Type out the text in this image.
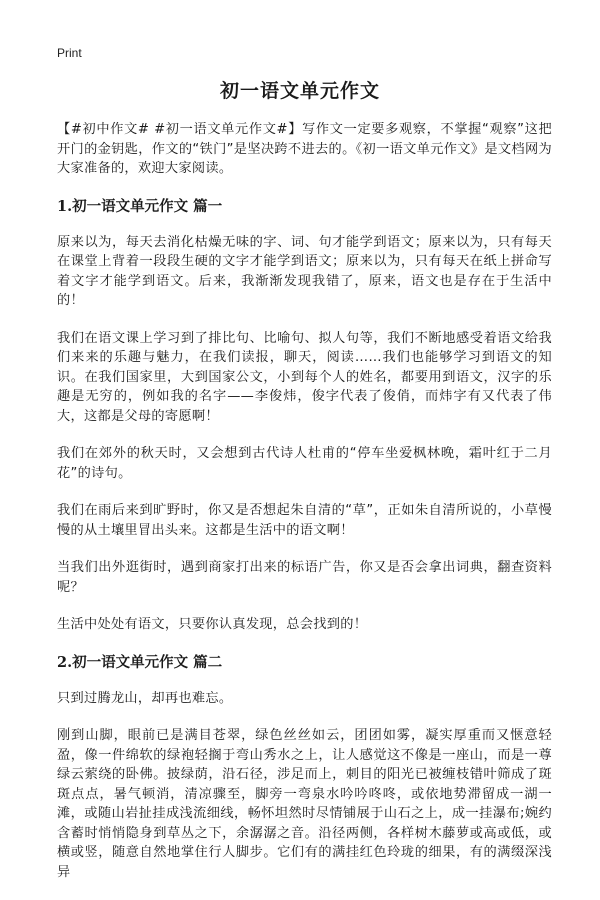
Print
初一语文单元作文

【#初中作文# #初一语文单元作文#】写作文一定要多观察，不掌握“观察”这把开门的金钥匙，作文的“铁门”是坚决跨不进去的。《初一语文单元作文》是文档网为大家准备的，欢迎大家阅读。

1.初一语文单元作文 篇一

原来以为，每天去消化枯燥无味的字、词、句才能学到语文；原来以为，只有每天在课堂上背着一段段生硬的文字才能学到语文；原来以为，只有每天在纸上拼命写着文字才能学到语文。后来，我渐渐发现我错了，原来，语文也是存在于生活中的！

我们在语文课上学习到了排比句、比喻句、拟人句等，我们不断地感受着语文给我们来来的乐趣与魅力，在我们读报，聊天，阅读……我们也能够学习到语文的知识。在我们国家里，大到国家公文，小到每个人的姓名，都要用到语文，汉字的乐趣是无穷的，例如我的名字——李俊炜，俊字代表了俊俏，而炜字有又代表了伟大，这都是父母的寄愿啊！

我们在郊外的秋天时，又会想到古代诗人杜甫的“停车坐爱枫林晚，霜叶红于二月花”的诗句。

我们在雨后来到旷野时，你又是否想起朱自清的“草”，正如朱自清所说的，小草慢慢的从土壤里冒出头来。这都是生活中的语文啊！

当我们出外逛街时，遇到商家打出来的标语广告，你又是否会拿出词典，翻查资料呢？

生活中处处有语文，只要你认真发现，总会找到的！

2.初一语文单元作文 篇二

只到过腾龙山，却再也难忘。

刚到山脚，眼前已是满目苍翠，绿色丝丝如云，团团如雾，凝实厚重而又惬意轻盈，像一件绵软的绿袍轻搁于弯山秀水之上，让人感觉这不像是一座山，而是一尊绿云萦绕的卧佛。披绿荫，沿石径，涉足而上，刺目的阳光已被缠枝错叶筛成了斑斑点点，暑气顿消，清凉骤至，脚旁一弯泉水吟吟咚咚，或依地势滞留成一湖一滩，或随山岩扯挂成浅流细线，畅怀坦然时尽情铺展于山石之上，成一挂瀑布;婉约含蓄时悄悄隐身到草丛之下，余潺潺之音。沿径两侧，各样树木藤萝或高或低，或横或竖，随意自然地掌住行人脚步。它们有的满挂红色玲珑的细果，有的满缀深浅异
